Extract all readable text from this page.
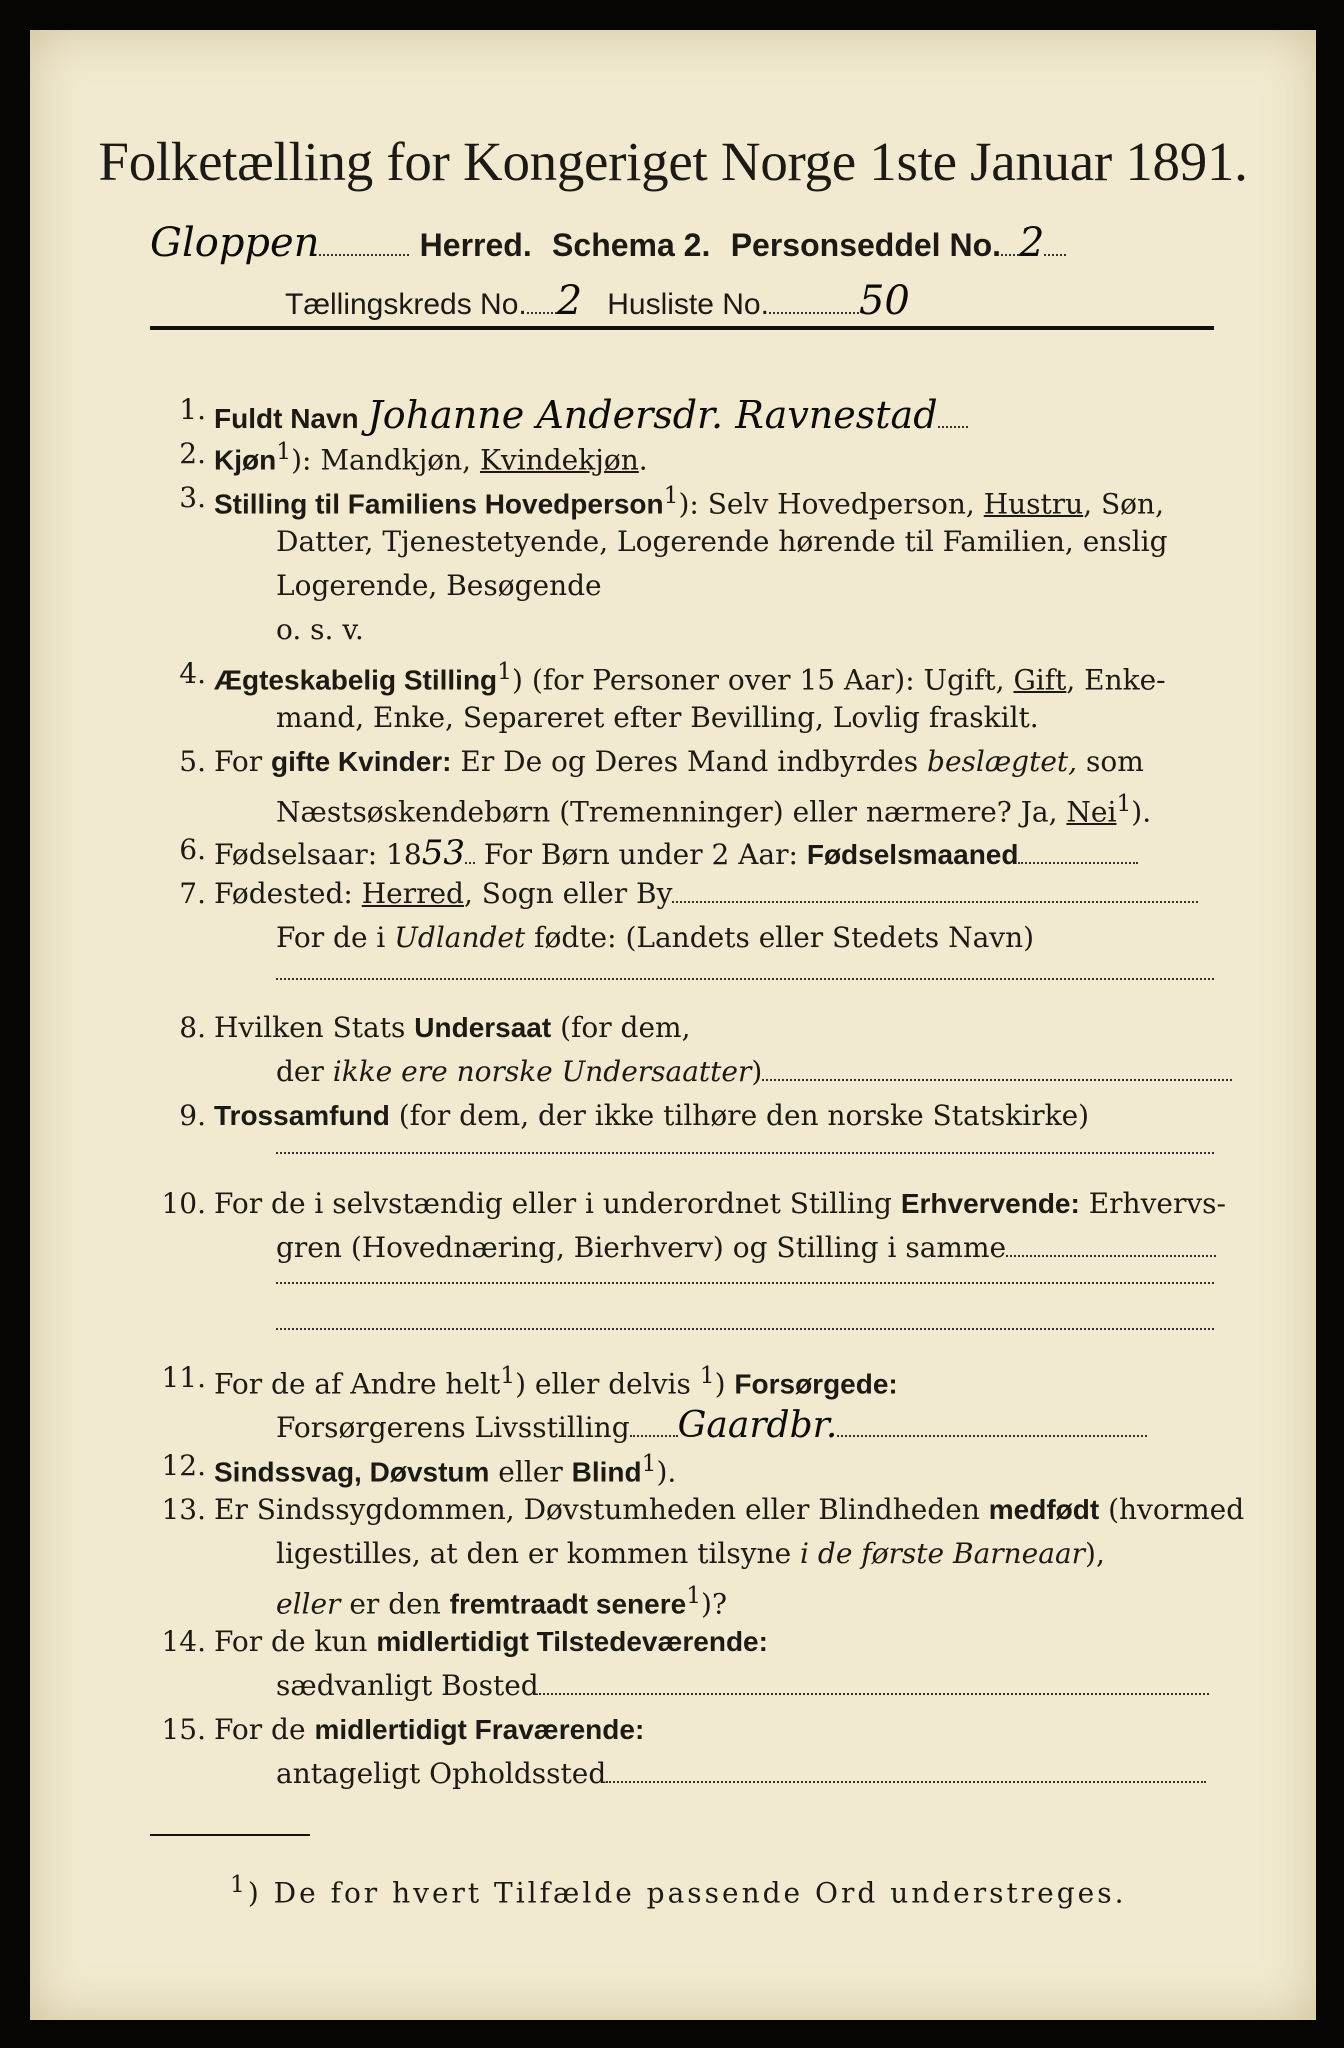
Folketælling for Kongeriget Norge 1ste Januar 1891.
Gloppen	Herred. Schema 2. Personseddel No. 2
Tællingskreds No. 2 Husliste No. 50
1. Fuldt Navn Johanne Andersdr. Ravnestad
2. Kjøn$^1$): Mandkjøn, Kvindekjøn.
3. Stilling til Familiens Hovedperson$^1$): Selv Hovedperson, Hustru, Søn,
Datter, Tjenestetyende, Logerende hørende til Familien, enslig
Logerende, Besøgende
o. s. v.
4. Ægteskabelig Stilling$^1$) (for Personer over 15 Aar): Ugift, Gift, Enke-
mand, Enke, Separeret efter Bevilling, Lovlig fraskilt.
5. For gifte Kvinder: Er De og Deres Mand indbyrdes beslægtet, som
Næstsøskendebørn (Tremenninger) eller nærmere? Ja, Nei$^1$).
6. Fødselsaar: 1853 For Børn under 2 Aar: Fødselsmaaned
7. Fødested: Herred, Sogn eller By
For de i Udlandet fødte: (Landets eller Stedets Navn)
8. Hvilken Stats Undersaat (for dem,
der ikke ere norske Undersaatter)
9. Trossamfund (for dem, der ikke tilhøre den norske Statskirke)
10. For de i selvstændig eller i underordnet Stilling Erhvervende: Erhvervs-
gren (Hovednæring, Bierhverv) og Stilling i samme
11. For de af Andre helt$^1$) eller delvis $^1$) Forsørgede:
Forsørgerens Livsstilling Gaardbr.
12. Sindssvag, Døvstum eller Blind$^1$).
13. Er Sindssygdommen, Døvstumheden eller Blindheden medfødt (hvormed
ligestilles, at den er kommen tilsyne i de første Barneaar),
eller er den fremtraadt senere$^1$)?
14. For de kun midlertidigt Tilstedeværende:
sædvanligt Bosted
15. For de midlertidigt Fraværende:
antageligt Opholdssted
$^1$) De for hvert Tilfælde passende Ord understreges.
